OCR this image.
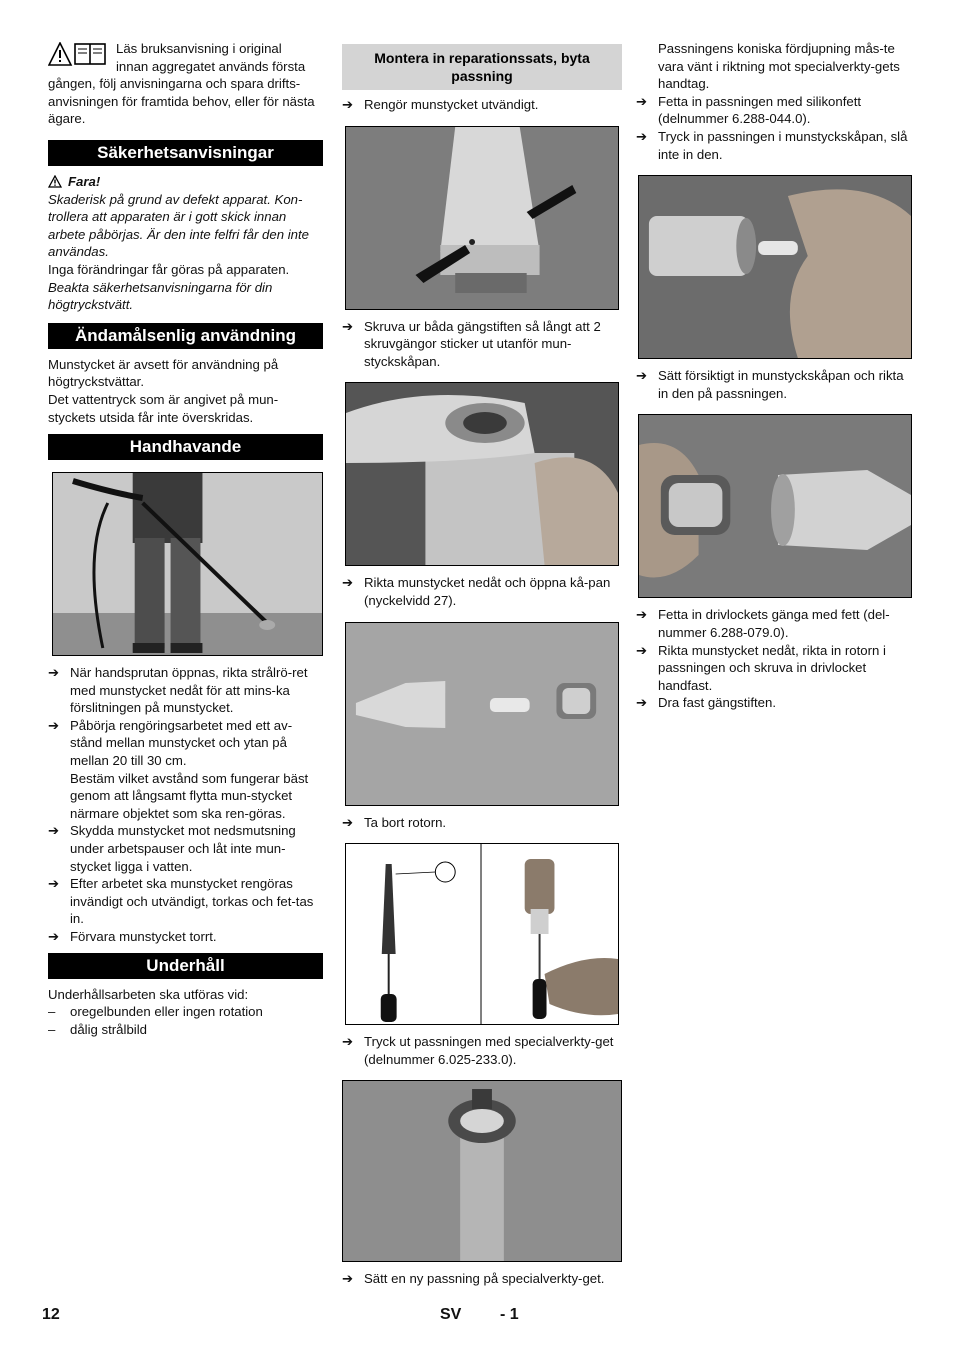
Läs bruksanvisning i original

innan aggregatet används första

gången, följ anvisningarna och spara drifts-anvisningen för framtida behov, eller för nästa ägare.

Säkerhetsanvisningar
Fara!

Skaderisk på grund av defekt apparat. Kon-trollera att apparaten är i gott skick innan arbete påbörjas. Är den inte felfri får den inte användas.

Inga förändringar får göras på apparaten.

Beakta säkerhetsanvisningarna för din högtryckstvätt.

Ändamålsenlig användning

Munstycket är avsett för användning på högtryckstvättar.

Det vattentryck som är angivet på mun-styckets utsida får inte överskridas.

Handhavande
➔ När handsprutan öppnas, rikta strålrö-ret med munstycket nedåt för att mins-ka förslitningen på munstycket.
➔ Påbörja rengöringsarbetet med ett av-stånd mellan munstycket och ytan på mellan 20 till 30 cm.

Bestäm vilket avstånd som fungerar bäst genom att långsamt flytta mun-stycket närmare objektet som ska ren-göras.

➔ Skydda munstycket mot nedsmutsning under arbetspauser och låt inte mun-stycket ligga i vatten.
➔ Efter arbetet ska munstycket rengöras invändigt och utvändigt, torkas och fet-tas in.
➔ Förvara munstycket torrt.
Underhåll

Underhållsarbeten ska utföras vid:

– oregelbunden eller ingen rotation
– dålig strålbild
Montera in reparationssats, byta passning
➔ Rengör munstycket utvändigt.
➔ Skruva ur båda gängstiften så långt att 2 skruvgängor sticker ut utanför mun-styckskåpan.
➔ Rikta munstycket nedåt och öppna kå-pan (nyckelvidd 27).
➔ Ta bort rotorn.
➔ Tryck ut passningen med specialverkty-get (delnummer 6.025-233.0).
➔ Sätt en ny passning på specialverkty-get.

Passningens koniska fördjupning mås-te vara vänt i riktning mot specialverkty-gets handtag.

➔ Fetta in passningen med silikonfett (delnummer 6.288-044.0).
➔ Tryck in passningen i munstyckskåpan, slå inte in den.
➔ Sätt försiktigt in munstyckskåpan och rikta in den på passningen.
➔ Fetta in drivlockets gänga med fett (del-nummer 6.288-079.0).
➔ Rikta munstycket nedåt, rikta in rotorn i passningen och skruva in drivlocket handfast.
➔ Dra fast gängstiften.
12	SV - 1
